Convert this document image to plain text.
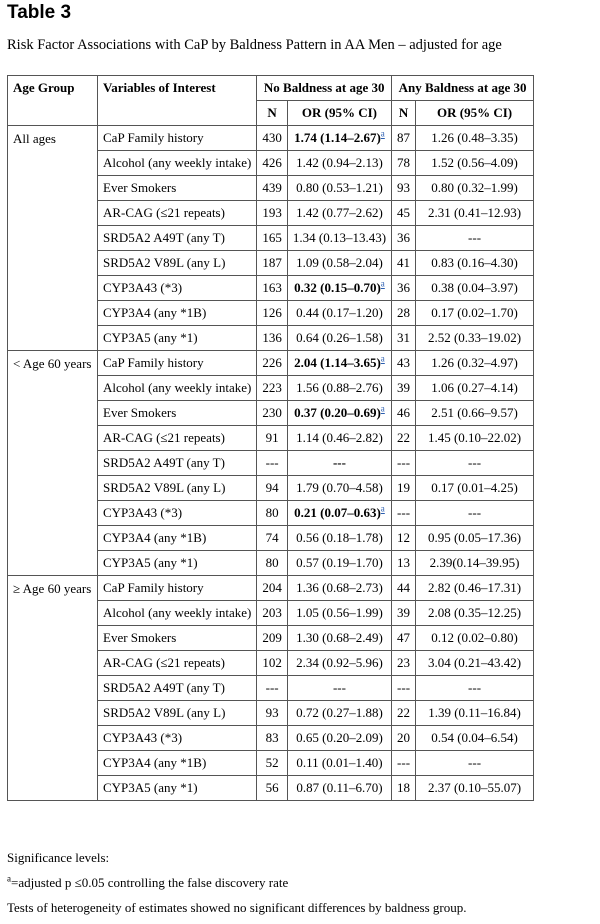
Table 3
Risk Factor Associations with CaP by Baldness Pattern in AA Men – adjusted for age
Age Group	Variables of Interest	No Baldness at age 30		Any Baldness at age 30	
		N	OR (95% CI)	N	OR (95% CI)
All ages	CaP Family history	430	1.74 $(1.14-2.67)^a$	87	1.26 (0.48–3.35)
	Alcohol (any weekly intake)	426	1.42 (0.94–2.13)	78	1.52 (0.56–4.09)
	Ever Smokers	439	0.80 (0.53–1.21)	93	0.80 (0.32–1.99)
	AR-CAG (≤21 repeats)	193	1.42 (0.77–2.62)	45	2.31 (0.41–12.93)
	SRD5A2 A49T (any T)	165	1.34 (0.13–13.43)	36	---
	SRD5A2 V89L (any L)	187	1.09 (0.58–2.04)	41	0.83 (0.16–4.30)
	CYP3A43 (*3)	163	0.32 $(0.15-0.70)^a$	36	0.38 (0.04–3.97)
	CYP3A4 (any *1B)	126	0.44 (0.17–1.20)	28	0.17 (0.02–1.70)
	CYP3A5 (any *1)	136	0.64 (0.26–1.58)	31	2.52 (0.33–19.02)
< Age 60 years	CaP Family history	226	2.04 $(1.14-3.65)^a$	43	1.26 (0.32–4.97)
	Alcohol (any weekly intake)	223	1.56 (0.88–2.76)	39	1.06 (0.27–4.14)
	Ever Smokers	230	0.37 $(0.20-0.69)^a$	46	2.51 (0.66–9.57)
	AR-CAG (≤21 repeats)	91	1.14 (0.46–2.82)	22	1.45 (0.10–22.02)
	SRD5A2 A49T (any T)	---	---	---	---
	SRD5A2 V89L (any L)	94	1.79 (0.70–4.58)	19	0.17 (0.01–4.25)
	CYP3A43 (*3)	80	0.21 $(0.07-0.63)^a$	---	---
	CYP3A4 (any *1B)	74	0.56 (0.18–1.78)	12	0.95 (0.05–17.36)
	CYP3A5 (any *1)	80	0.57 (0.19–1.70)	13	2.39(0.14–39.95)
≥ Age 60 years	CaP Family history	204	1.36 (0.68–2.73)	44	2.82 (0.46–17.31)
	Alcohol (any weekly intake)	203	1.05 (0.56–1.99)	39	2.08 (0.35–12.25)
	Ever Smokers	209	1.30 (0.68–2.49)	47	0.12 (0.02–0.80)
	AR-CAG (≤21 repeats)	102	2.34 (0.92–5.96)	23	3.04 (0.21–43.42)
	SRD5A2 A49T (any T)	---	---	---	---
	SRD5A2 V89L (any L)	93	0.72 (0.27–1.88)	22	1.39 (0.11–16.84)
	CYP3A43 (*3)	83	0.65 (0.20–2.09)	20	0.54 (0.04–6.54)
	CYP3A4 (any *1B)	52	0.11 (0.01–1.40)	---	---
	CYP3A5 (any *1)	56	0.87 (0.11–6.70)	18	2.37 (0.10–55.07)
Significance levels:
$^a$=adjusted p ≤0.05 controlling the false discovery rate
Tests of heterogeneity of estimates showed no significant differences by baldness group.
